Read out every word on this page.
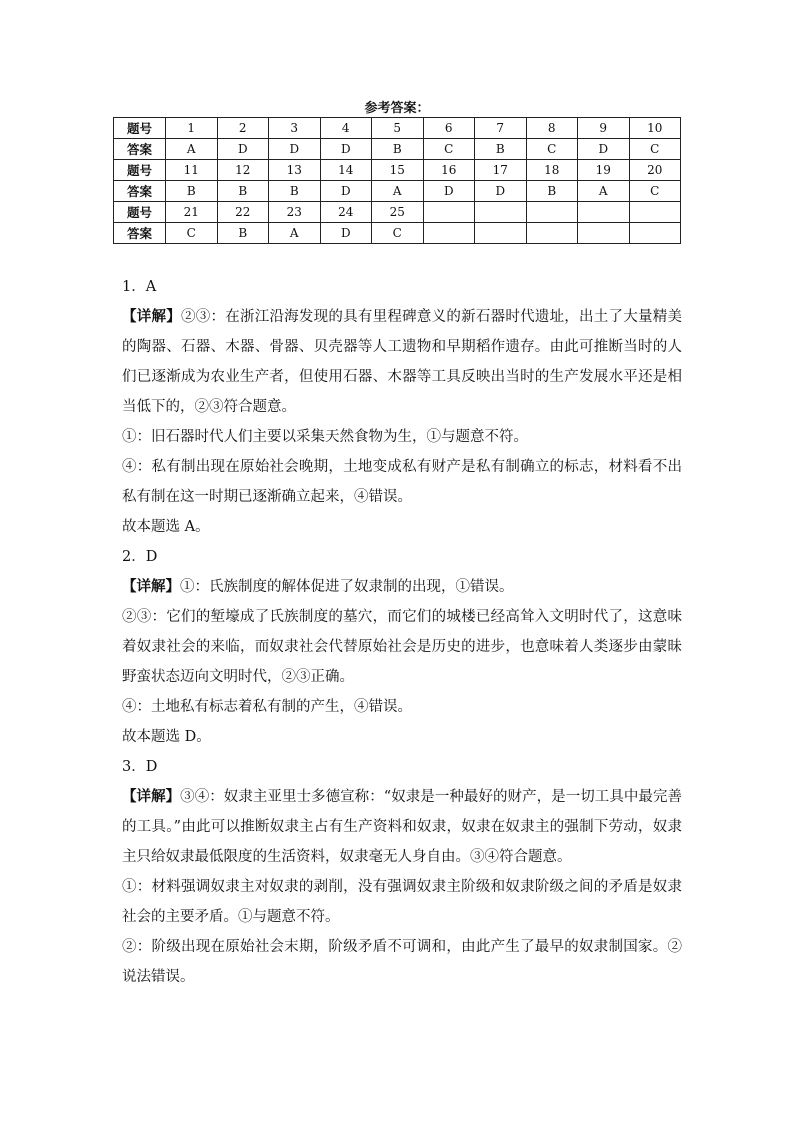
参考答案：
题号	1	2	3	4	5	6	7	8	9	10
答案	A	D	D	D	B	C	B	C	D	C
题号	11	12	13	14	15	16	17	18	19	20
答案	B	B	B	D	A	D	D	B	A	C
题号	21	22	23	24	25					
答案	C	B	A	D	C					

1．A

【详解】②③：在浙江沿海发现的具有里程碑意义的新石器时代遗址，出土了大量精美的陶器、石器、木器、骨器、贝壳器等人工遗物和早期稻作遗存。由此可推断当时的人们已逐渐成为农业生产者，但使用石器、木器等工具反映出当时的生产发展水平还是相当低下的，②③符合题意。

①：旧石器时代人们主要以采集天然食物为生，①与题意不符。

④：私有制出现在原始社会晚期，土地变成私有财产是私有制确立的标志，材料看不出私有制在这一时期已逐渐确立起来，④错误。

故本题选 A。

2．D

【详解】①：氏族制度的解体促进了奴隶制的出现，①错误。

②③：它们的堑壕成了氏族制度的墓穴，而它们的城楼已经高耸入文明时代了，这意味着奴隶社会的来临，而奴隶社会代替原始社会是历史的进步，也意味着人类逐步由蒙昧野蛮状态迈向文明时代，②③正确。

④：土地私有标志着私有制的产生，④错误。

故本题选 D。

3．D

【详解】③④：奴隶主亚里士多德宣称：“奴隶是一种最好的财产，是一切工具中最完善的工具。”由此可以推断奴隶主占有生产资料和奴隶，奴隶在奴隶主的强制下劳动，奴隶主只给奴隶最低限度的生活资料，奴隶毫无人身自由。③④符合题意。

①：材料强调奴隶主对奴隶的剥削，没有强调奴隶主阶级和奴隶阶级之间的矛盾是奴隶社会的主要矛盾。①与题意不符。

②：阶级出现在原始社会末期，阶级矛盾不可调和，由此产生了最早的奴隶制国家。②说法错误。
